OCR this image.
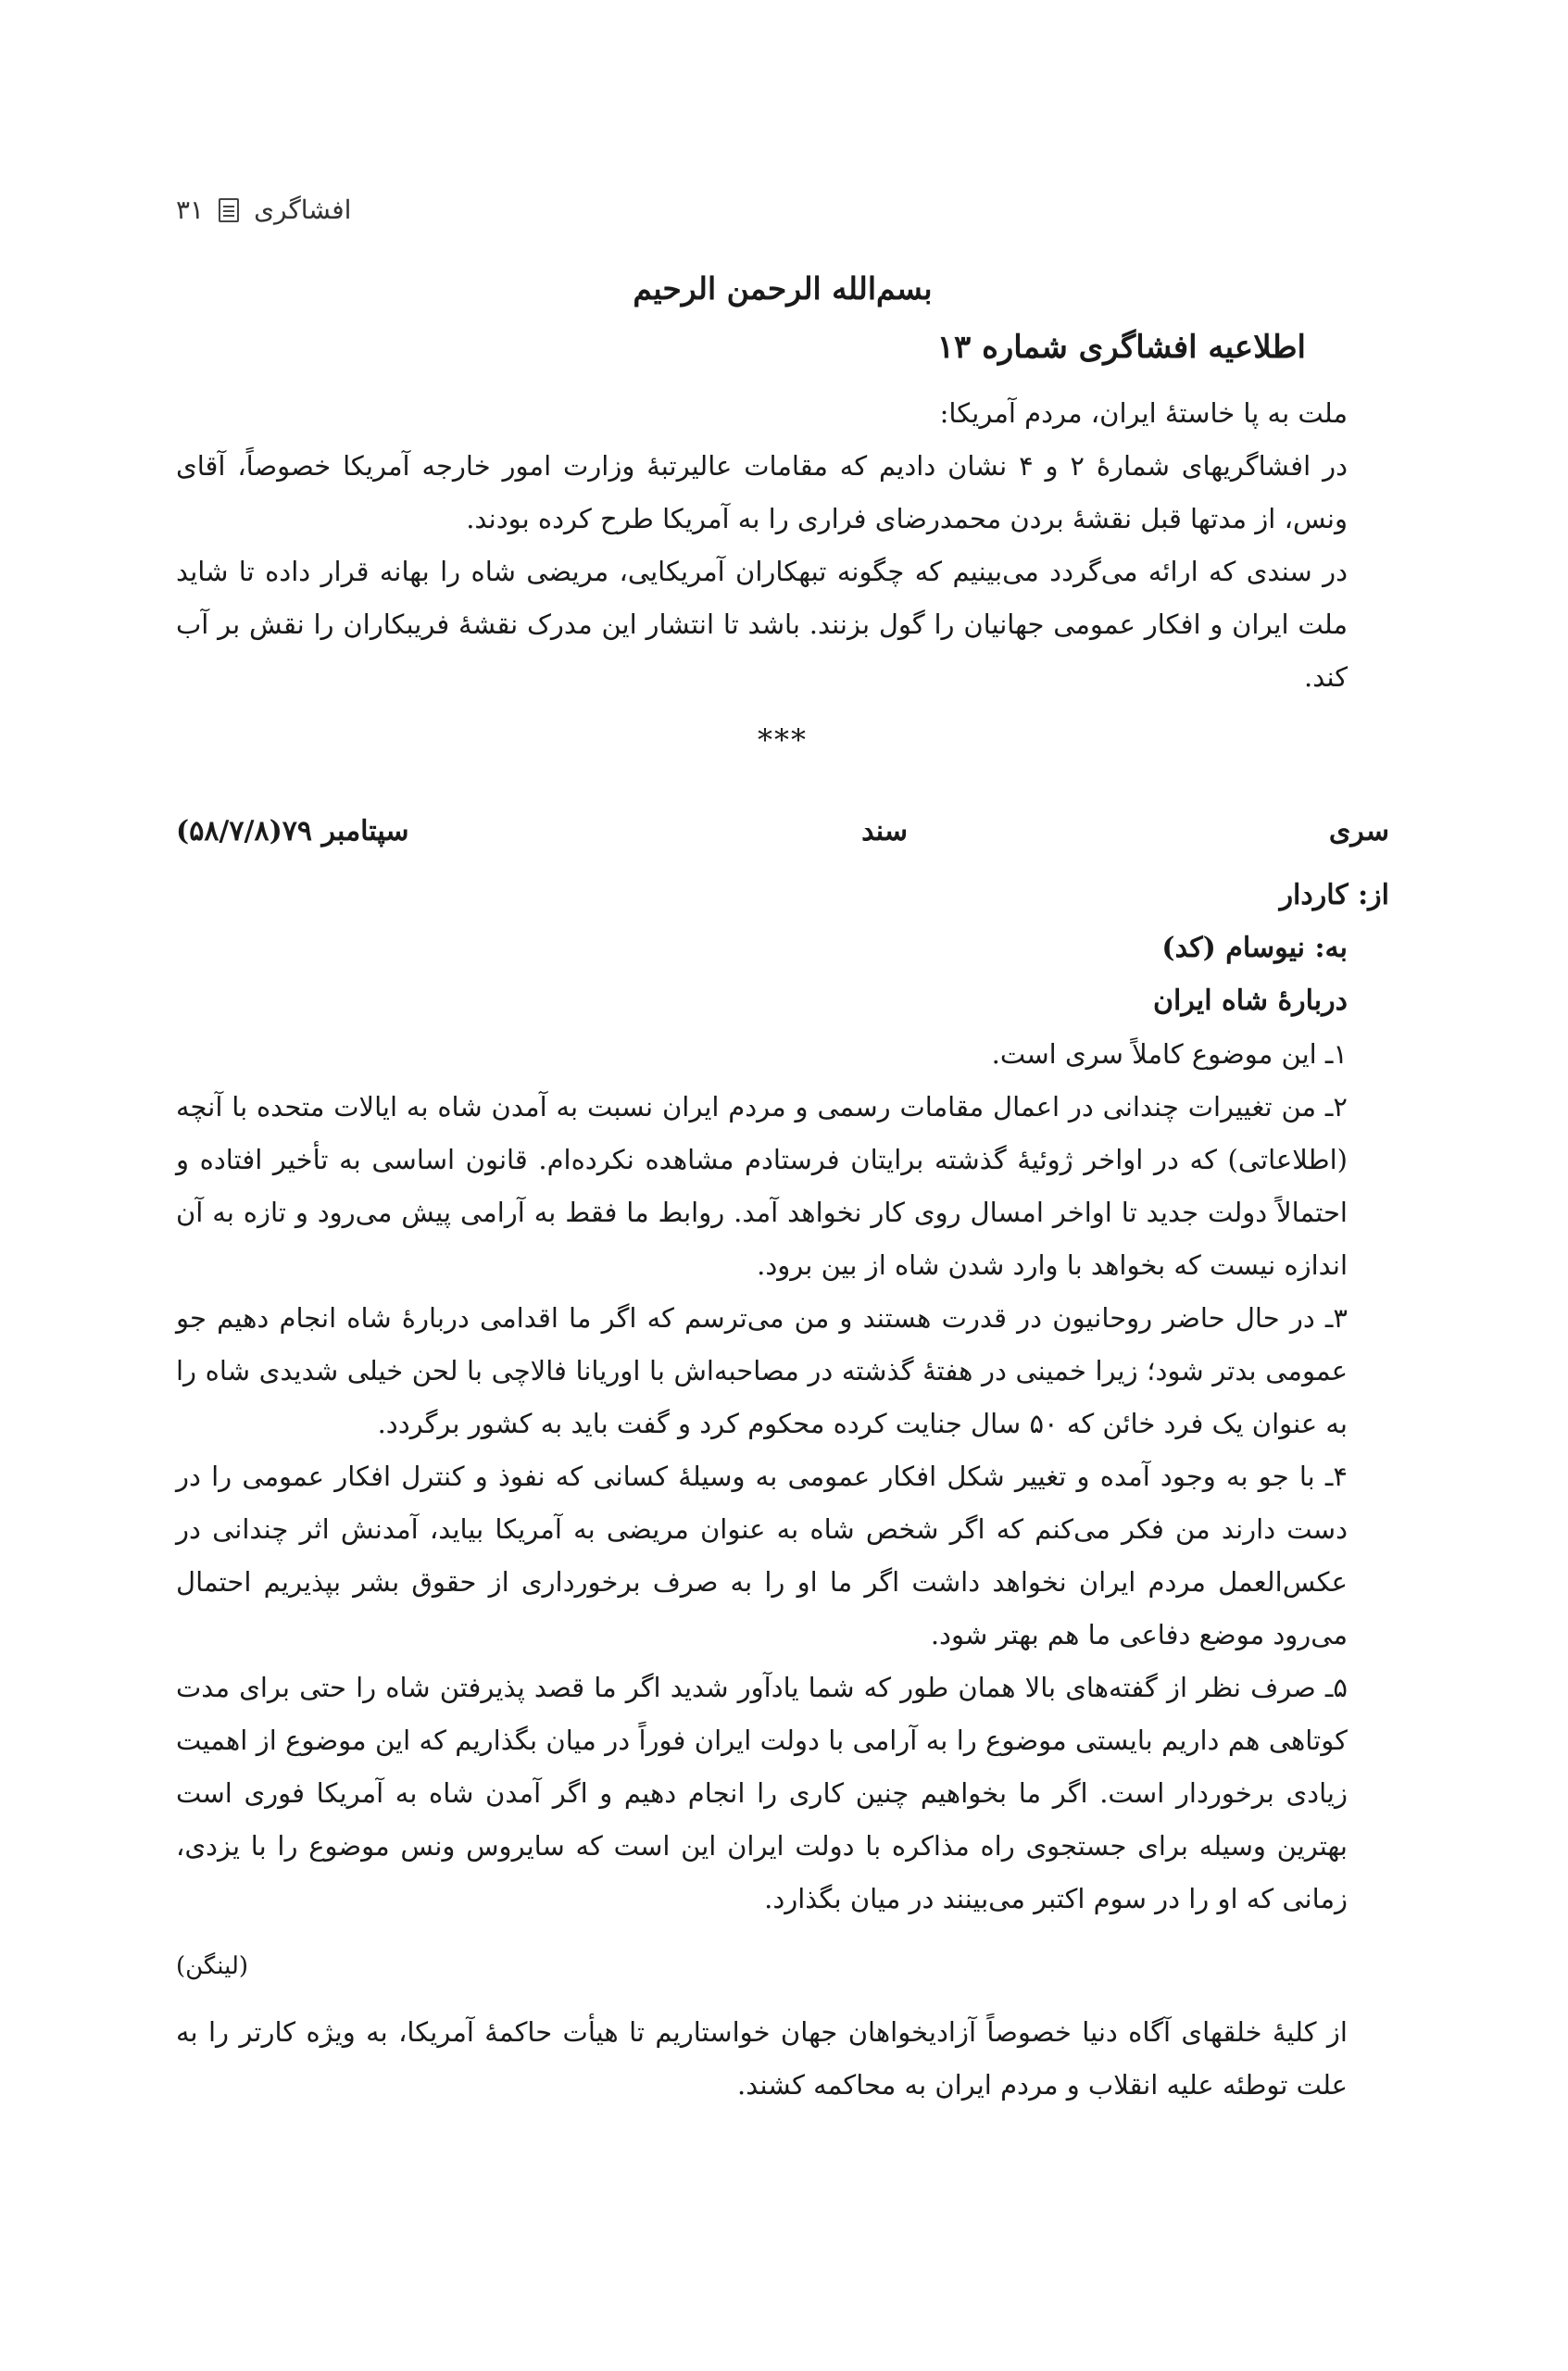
افشاگری
۳۱
بسم‌الله الرحمن الرحیم
اطلاعیه افشاگری شماره ۱۳

ملت به پا خاستهٔ ایران، مردم آمریکا:

در افشاگریهای شمارهٔ ۲ و ۴ نشان دادیم که مقامات عالیرتبهٔ وزارت امور خارجه آمریکا خصوصاً، آقای ونس، از مدتها قبل نقشهٔ بردن محمدرضای فراری را به آمریکا طرح کرده بودند.

در سندی که ارائه می‌گردد می‌بینیم که چگونه تبهکاران آمریکایی، مریضی شاه را بهانه قرار داده تا شاید ملت ایران و افکار عمومی جهانیان را گول بزنند. باشد تا انتشار این مدرک نقشهٔ فریبکاران را نقش بر آب کند.

***
سری
سند
سپتامبر ۷۹(۵۸/۷/۸)
از: کاردار
به: نیوسام (کد)
دربارهٔ شاه ایران

۱ـ این موضوع کاملاً سری است.

۲ـ من تغییرات چندانی در اعمال مقامات رسمی و مردم ایران نسبت به آمدن شاه به ایالات متحده با آنچه (اطلاعاتی) که در اواخر ژوئیهٔ گذشته برایتان فرستادم مشاهده نکرده‌ام. قانون اساسی به تأخیر افتاده و احتمالاً دولت جدید تا اواخر امسال روی کار نخواهد آمد. روابط ما فقط به آرامی پیش می‌رود و تازه به آن اندازه نیست که بخواهد با وارد شدن شاه از بین برود.

۳ـ در حال حاضر روحانیون در قدرت هستند و من می‌ترسم که اگر ما اقدامی دربارهٔ شاه انجام دهیم جو عمومی بدتر شود؛ زیرا خمینی در هفتهٔ گذشته در مصاحبه‌اش با اوریانا فالاچی با لحن خیلی شدیدی شاه را به عنوان یک فرد خائن که ۵۰ سال جنایت کرده محکوم کرد و گفت باید به کشور برگردد.

۴ـ با جو به وجود آمده و تغییر شکل افکار عمومی به وسیلهٔ کسانی که نفوذ و کنترل افکار عمومی را در دست دارند من فکر می‌کنم که اگر شخص شاه به عنوان مریضی به آمریکا بیاید، آمدنش اثر چندانی در عکس‌العمل مردم ایران نخواهد داشت اگر ما او را به صرف برخورداری از حقوق بشر بپذیریم احتمال می‌رود موضع دفاعی ما هم بهتر شود.

۵ـ صرف نظر از گفته‌های بالا همان طور که شما یادآور شدید اگر ما قصد پذیرفتن شاه را حتی برای مدت کوتاهی هم داریم بایستی موضوع را به آرامی با دولت ایران فوراً در میان بگذاریم که این موضوع از اهمیت زیادی برخوردار است. اگر ما بخواهیم چنین کاری را انجام دهیم و اگر آمدن شاه به آمریکا فوری است بهترین وسیله برای جستجوی راه مذاکره با دولت ایران این است که سایروس ونس موضوع را با یزدی، زمانی که او را در سوم اکتبر می‌بینند در میان بگذارد.

(لینگن)

از کلیهٔ خلقهای آگاه دنیا خصوصاً آزادیخواهان جهان خواستاریم تا هیأت حاکمهٔ آمریکا، به ویژه کارتر را به علت توطئه علیه انقلاب و مردم ایران به محاکمه کشند.
